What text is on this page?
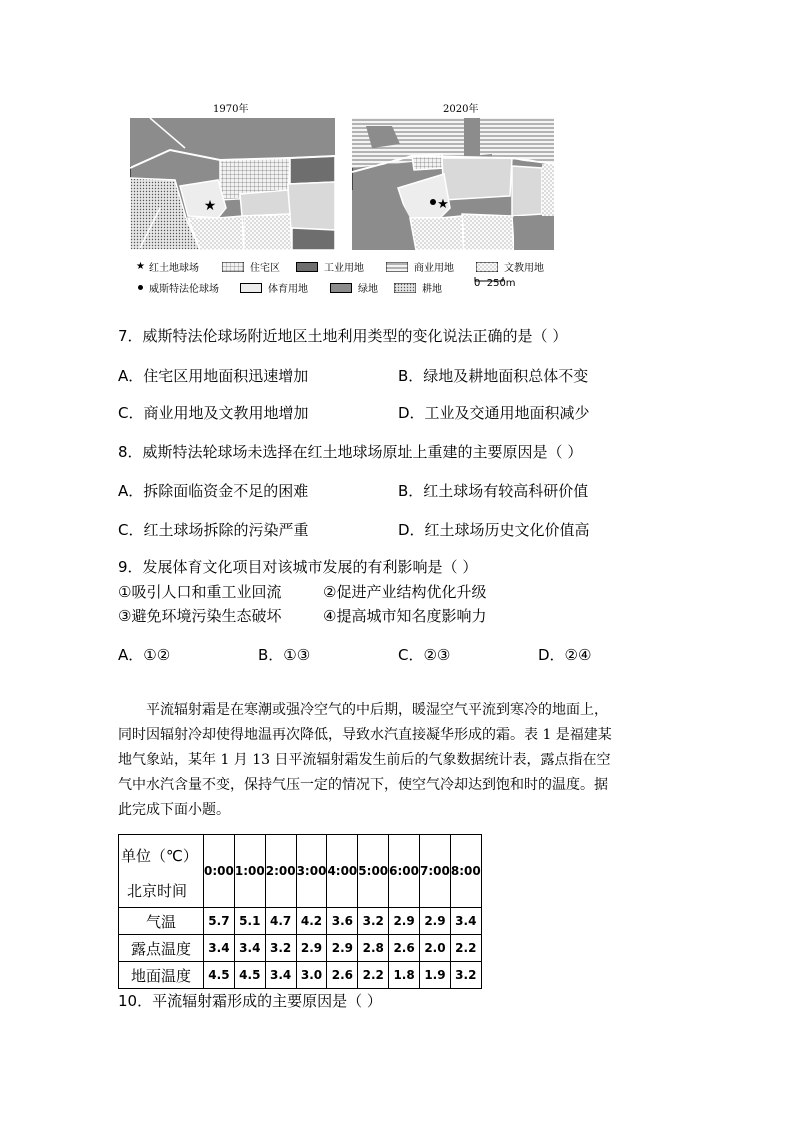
1970年	2020年
★	★
★ 红土地球场	住宅区	工业用地	商业用地	文教用地
威斯特法伦球场	体育用地	绿地	耕地
0  250m
7．威斯特法伦球场附近地区土地利用类型的变化说法正确的是（ ）
A．住宅区用地面积迅速增加	B．绿地及耕地面积总体不变
C．商业用地及文教用地增加	D．工业及交通用地面积减少
8．威斯特法轮球场未选择在红土地球场原址上重建的主要原因是（ ）
A．拆除面临资金不足的困难	B．红土球场有较高科研价值
C．红土球场拆除的污染严重	D．红土球场历史文化价值高
9．发展体育文化项目对该城市发展的有利影响是（ ）
①吸引人口和重工业回流	②促进产业结构优化升级
③避免环境污染生态破坏	④提高城市知名度影响力
A．①②	B．①③	C．②③	D．②④

平流辐射霜是在寒潮或强冷空气的中后期，暖湿空气平流到寒冷的地面上，

同时因辐射冷却使得地温再次降低，导致水汽直接凝华形成的霜。表 1 是福建某

地气象站，某年 1 月 13 日平流辐射霜发生前后的气象数据统计表，露点指在空

气中水汽含量不变，保持气压一定的情况下，使空气冷却达到饱和时的温度。据

此完成下面小题。

单位（℃）
北京时间	0:00	1:00	2:00	3:00	4:00	5:00	6:00	7:00	8:00
气温	5.7	5.1	4.7	4.2	3.6	3.2	2.9	2.9	3.4
露点温度	3.4	3.4	3.2	2.9	2.9	2.8	2.6	2.0	2.2
地面温度	4.5	4.5	3.4	3.0	2.6	2.2	1.8	1.9	3.2
10．平流辐射霜形成的主要原因是（ ）
